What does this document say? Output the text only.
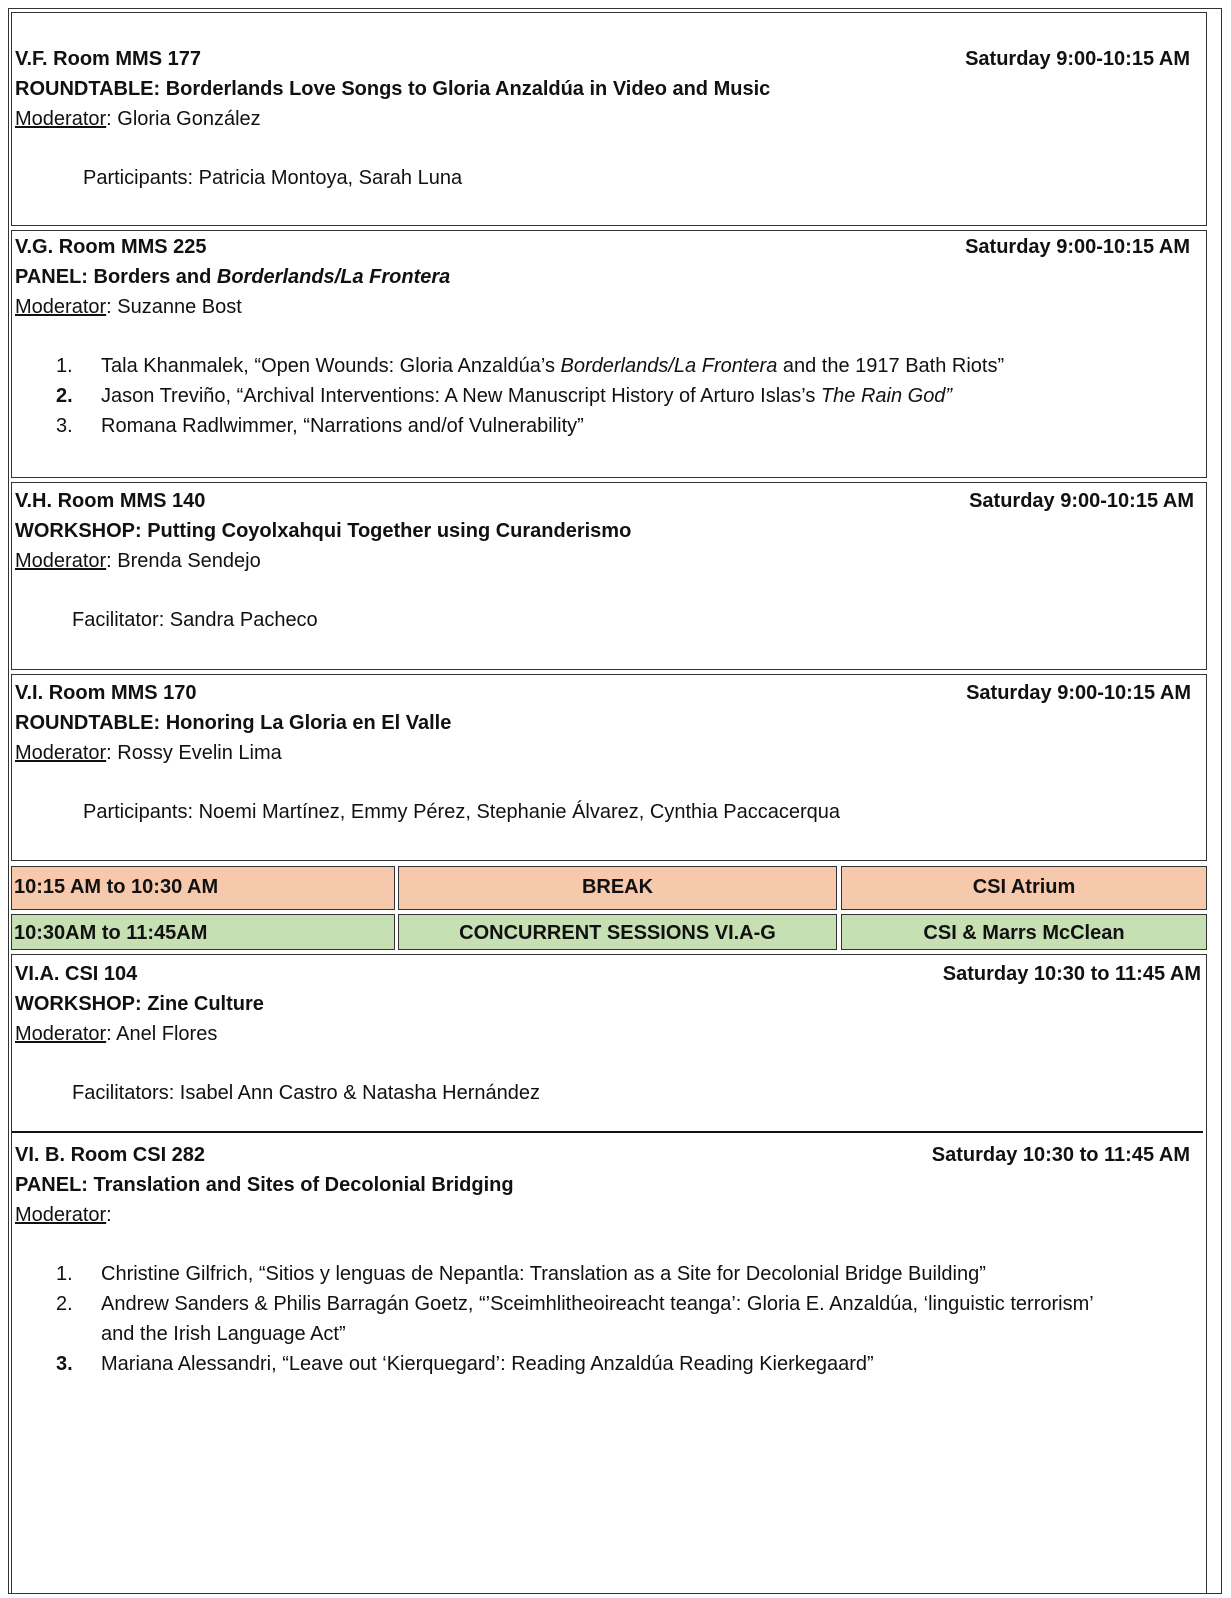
V.F. Room MMS 177	Saturday 9:00-10:15 AM
ROUNDTABLE: Borderlands Love Songs to Gloria Anzaldúa in Video and Music
Moderator: Gloria González
Participants: Patricia Montoya, Sarah Luna
V.G. Room MMS 225	Saturday 9:00-10:15 AM
PANEL: Borders and Borderlands/La Frontera
Moderator: Suzanne Bost
1. Tala Khanmalek, “Open Wounds: Gloria Anzaldúa’s Borderlands/La Frontera and the 1917 Bath Riots”
2. Jason Treviño, “Archival Interventions: A New Manuscript History of Arturo Islas’s The Rain God”
3. Romana Radlwimmer, “Narrations and/of Vulnerability”
V.H. Room MMS 140	Saturday 9:00-10:15 AM
WORKSHOP: Putting Coyolxahqui Together using Curanderismo
Moderator: Brenda Sendejo
Facilitator: Sandra Pacheco
V.I. Room MMS 170	Saturday 9:00-10:15 AM
ROUNDTABLE: Honoring La Gloria en El Valle
Moderator: Rossy Evelin Lima
Participants: Noemi Martínez, Emmy Pérez, Stephanie Álvarez, Cynthia Paccacerqua
10:15 AM to 10:30 AM	BREAK	CSI Atrium
10:30AM to 11:45AM	CONCURRENT SESSIONS VI.A-G	CSI & Marrs McClean
VI.A. CSI 104	Saturday 10:30 to 11:45 AM
WORKSHOP: Zine Culture
Moderator: Anel Flores
Facilitators: Isabel Ann Castro & Natasha Hernández
VI. B. Room CSI 282	Saturday 10:30 to 11:45 AM
PANEL: Translation and Sites of Decolonial Bridging
Moderator:
1. Christine Gilfrich, “Sitios y lenguas de Nepantla: Translation as a Site for Decolonial Bridge Building”
2. Andrew Sanders & Philis Barragán Goetz, “’Sceimhlitheoireacht teanga’: Gloria E. Anzaldúa, ‘linguistic terrorism’
and the Irish Language Act”
3. Mariana Alessandri, “Leave out ‘Kierquegard’: Reading Anzaldúa Reading Kierkegaard”
